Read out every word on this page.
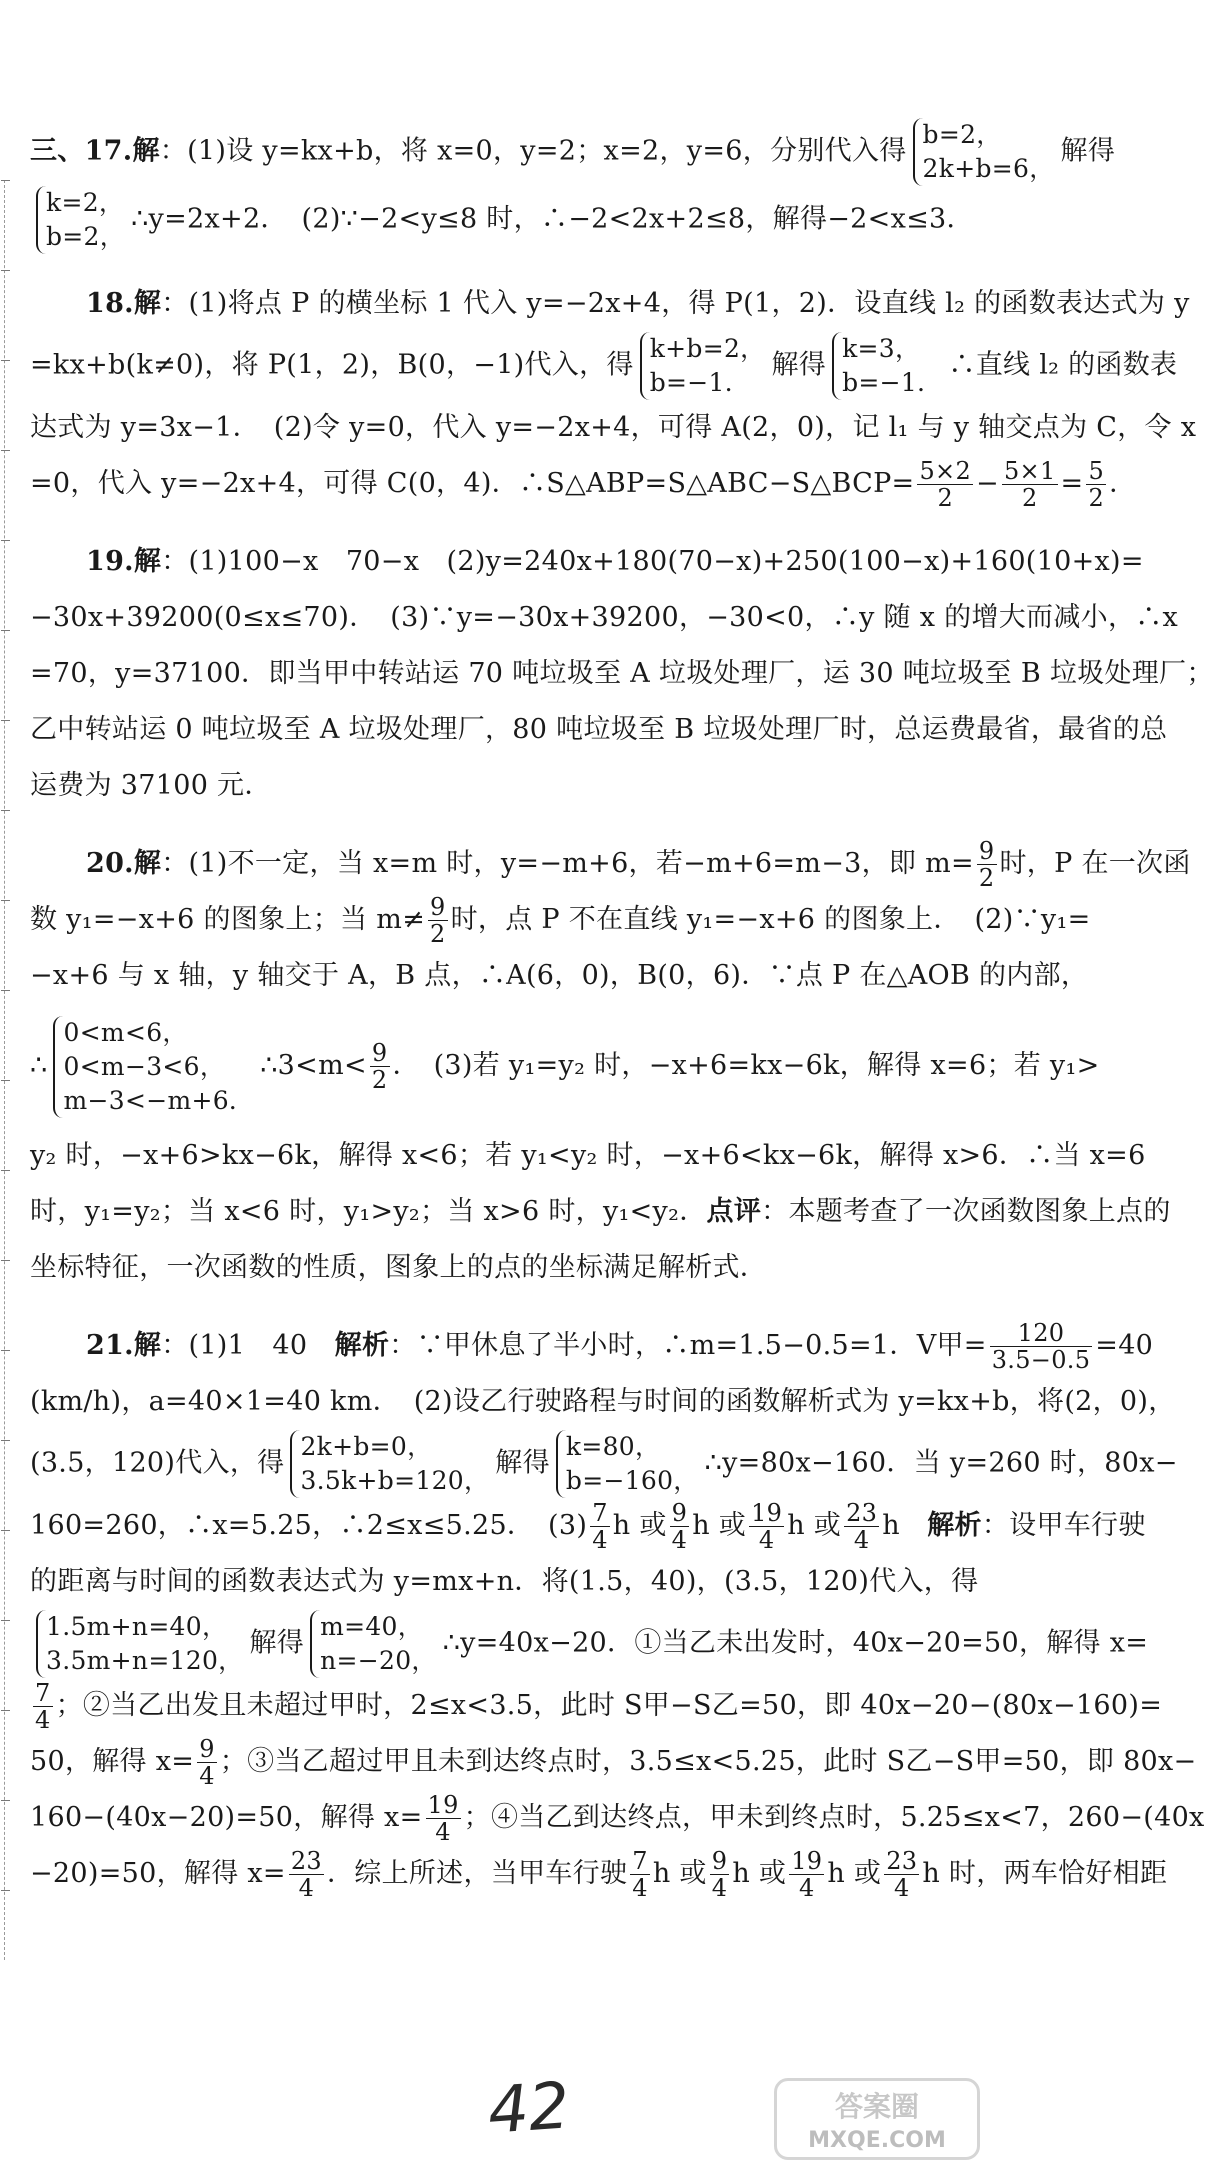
三、17.解：(1)设 y=kx+b，将 x=0，y=2；x=2，y=6，分别代入得
b=2，
2k+b=6，
解得
k=2，
b=2，
∴y=2x+2．　(2)∵−2<y≤8 时，∴−2<2x+2≤8，解得−2<x≤3．
18.解：(1)将点 P 的横坐标 1 代入 y=−2x+4，得 P(1，2)．设直线 l₂ 的函数表达式为 y
=kx+b(k≠0)，将 P(1，2)，B(0，−1)代入，得
k+b=2，
b=−1．
解得
k=3，
b=−1．
∴直线 l₂ 的函数表
达式为 y=3x−1．　(2)令 y=0，代入 y=−2x+4，可得 A(2，0)，记 l₁ 与 y 轴交点为 C，令 x
=0，代入 y=−2x+4，可得 C(0，4)．∴S△ABP=S△ABC−S△BCP= $\frac{5\times 2}{2} - \frac{5\times 1}{2} = \frac{5}{2}$ ．
19.解：(1)100−x　70−x　(2)y=240x+180(70−x)+250(100−x)+160(10+x)=
−30x+39200(0≤x≤70)．　(3)∵y=−30x+39200，−30<0，∴y 随 x 的增大而减小，∴x
=70，y=37100．即当甲中转站运 70 吨垃圾至 A 垃圾处理厂，运 30 吨垃圾至 B 垃圾处理厂；
乙中转站运 0 吨垃圾至 A 垃圾处理厂，80 吨垃圾至 B 垃圾处理厂时，总运费最省，最省的总
运费为 37100 元．
20.解：(1)不一定，当 x=m 时，y=−m+6，若−m+6=m−3，即 $m= \frac{9}{2}$ 时，P 在一次函
数 y₁=−x+6 的图象上；当 $m\ne \frac{9}{2}$ 时，点 P 不在直线 y₁=−x+6 的图象上．　(2)∵y₁=
−x+6 与 x 轴，y 轴交于 A，B 点，∴A(6，0)，B(0，6)．∵点 P 在△AOB 的内部，
∴
0<m<6，
0<m−3<6，
m−3<−m+6．
∴3<m< $\frac{9}{2}$ ．　(3)若 y₁=y₂ 时，−x+6=kx−6k，解得 x=6；若 y₁>
y₂ 时，−x+6>kx−6k，解得 x<6；若 y₁<y₂ 时，−x+6<kx−6k，解得 x>6．∴当 x=6
时，y₁=y₂；当 x<6 时，y₁>y₂；当 x>6 时，y₁<y₂．点评：本题考查了一次函数图象上点的
坐标特征，一次函数的性质，图象上的点的坐标满足解析式．
21.解：(1)1　40　解析：∵甲休息了半小时，∴m=1.5−0.5=1．V甲= $\frac{120}{3.5-0.5} =40$
(km/h)，a=40×1=40 km．　(2)设乙行驶路程与时间的函数解析式为 y=kx+b，将(2，0)，
(3.5，120)代入，得
2k+b=0，
3.5k+b=120，
解得
k=80，
b=−160，
∴y=80x−160．当 y=260 时，80x−
160=260，∴x=5.25，∴2≤x≤5.25．　$(3) \frac{7}{4}$ h 或 $\frac{9}{4}$ h 或 $\frac{19}{4}$ h 或 $\frac{23}{4}$ h　解析：设甲车行驶
的距离与时间的函数表达式为 y=mx+n．将(1.5，40)，(3.5，120)代入，得
1.5m+n=40，
3.5m+n=120，
解得
m=40，
n=−20，
∴y=40x−20．①当乙未出发时，40x−20=50，解得 x=
$\frac{7}{4}$ ；②当乙出发且未超过甲时，2≤x<3.5，此时 S甲−S乙=50，即 40x−20−(80x−160)=
50，解得 $x= \frac{9}{4}$ ；③当乙超过甲且未到达终点时，3.5≤x<5.25，此时 S乙−S甲=50，即 80x−
160−(40x−20)=50，解得 $x= \frac{19}{4}$ ；④当乙到达终点，甲未到终点时，5.25≤x<7，260−(40x
−20)=50，解得 $x= \frac{23}{4}$ ．综上所述，当甲车行驶 $\frac{7}{4}$ h 或 $\frac{9}{4}$ h 或 $\frac{19}{4}$ h 或 $\frac{23}{4}$ h 时，两车恰好相距
42	答案圈
MXQE.COM
